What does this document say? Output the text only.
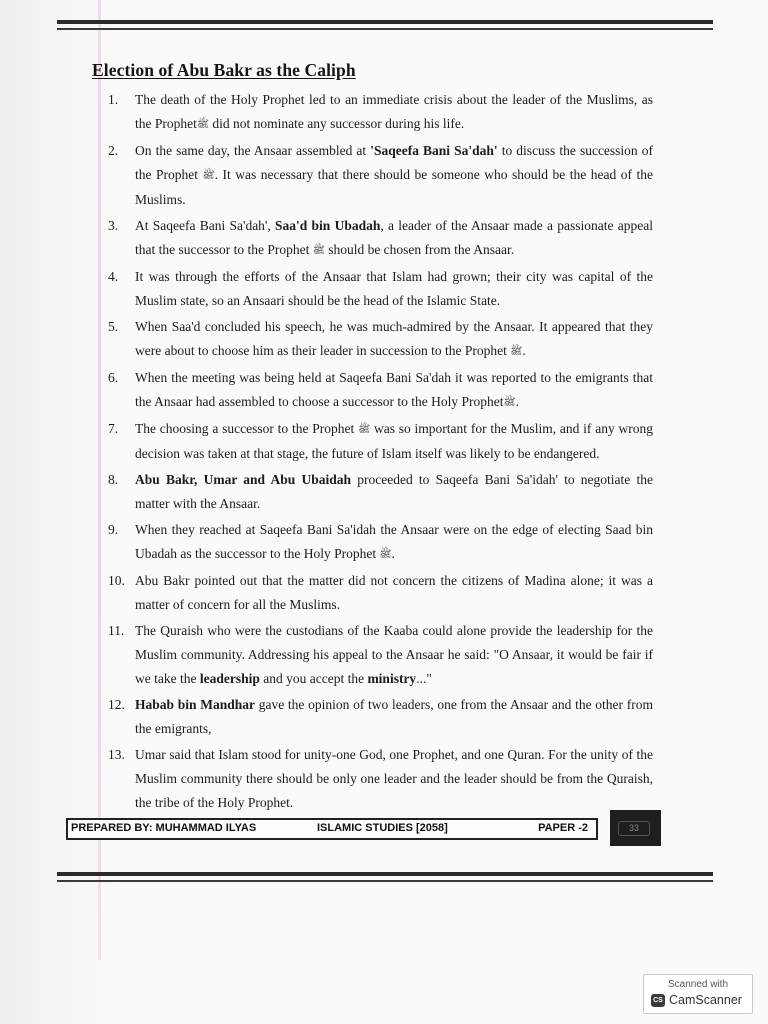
Election of Abu Bakr as the Caliph
1. The death of the Holy Prophet led to an immediate crisis about the leader of the Muslims, as the Prophetﷺ did not nominate any successor during his life.
2. On the same day, the Ansaar assembled at 'Saqeefa Bani Sa'dah' to discuss the succession of the Prophet ﷺ. It was necessary that there should be someone who should be the head of the Muslims.
3. At Saqeefa Bani Sa'dah', Saa'd bin Ubadah, a leader of the Ansaar made a passionate appeal that the successor to the Prophet ﷺ should be chosen from the Ansaar.
4. It was through the efforts of the Ansaar that Islam had grown; their city was capital of the Muslim state, so an Ansaari should be the head of the Islamic State.
5. When Saa'd concluded his speech, he was much-admired by the Ansaar. It appeared that they were about to choose him as their leader in succession to the Prophet ﷺ.
6. When the meeting was being held at Saqeefa Bani Sa'dah it was reported to the emigrants that the Ansaar had assembled to choose a successor to the Holy Prophetﷺ.
7. The choosing a successor to the Prophet ﷺ was so important for the Muslim, and if any wrong decision was taken at that stage, the future of Islam itself was likely to be endangered.
8. Abu Bakr, Umar and Abu Ubaidah proceeded to Saqeefa Bani Sa'idah' to negotiate the matter with the Ansaar.
9. When they reached at Saqeefa Bani Sa'idah the Ansaar were on the edge of electing Saad bin Ubadah as the successor to the Holy Prophet ﷺ.
10. Abu Bakr pointed out that the matter did not concern the citizens of Madina alone; it was a matter of concern for all the Muslims.
11. The Quraish who were the custodians of the Kaaba could alone provide the leadership for the Muslim community. Addressing his appeal to the Ansaar he said: "O Ansaar, it would be fair if we take the leadership and you accept the ministry..."
12. Habab bin Mandhar gave the opinion of two leaders, one from the Ansaar and the other from the emigrants,
13. Umar said that Islam stood for unity-one God, one Prophet, and one Quran. For the unity of the Muslim community there should be only one leader and the leader should be from the Quraish, the tribe of the Holy Prophet.
PREPARED BY: MUHAMMAD ILYAS	ISLAMIC STUDIES [2058]	PAPER -2	33
Scanned with
CS CamScanner
